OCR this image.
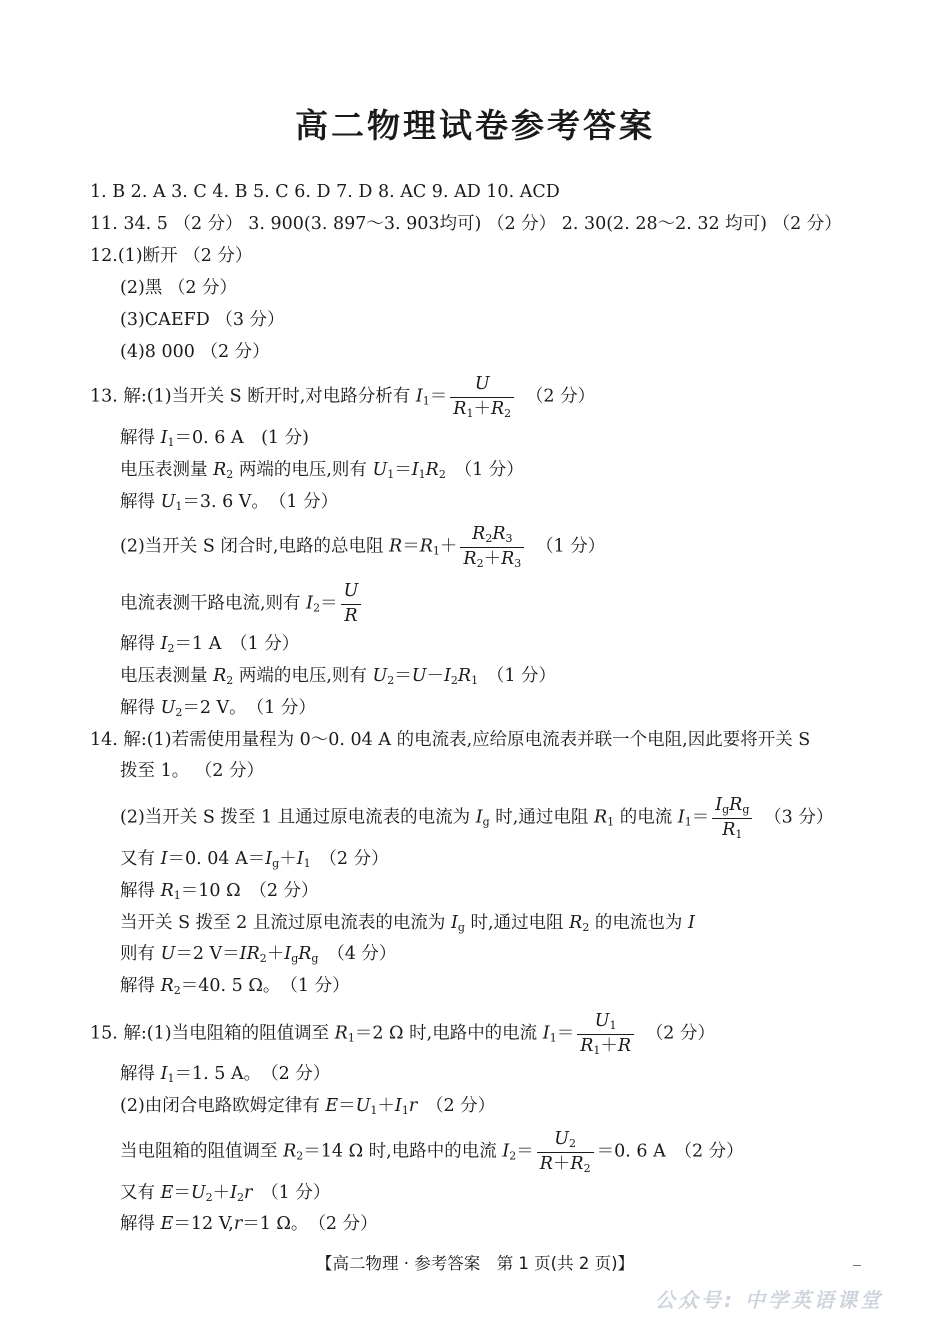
高二物理试卷参考答案
1. B 2. A 3. C 4. B 5. C 6. D 7. D 8. AC 9. AD 10. ACD
11. 34. 5 （2 分） 3. 900(3. 897～3. 903均可) （2 分） 2. 30(2. 28～2. 32 均可) （2 分）
12.(1)断开 （2 分）
(2)黑 （2 分）
(3)CAEFD （3 分）
(4)8 000 （2 分）
13. 解:(1)当开关 S 断开时,对电路分析有 $I_1= \frac{U}{R_1+R_2}$
　 （2 分）
解得 $I_1=0$. 6 A　(1 分)
电压表测量 $R_2$ 两端的电压,则有 $U_1=I_1R_2$　 （1 分）
解得 $U_1=3$. 6 V。　（1 分）
(2)当开关 S 闭合时,电路的总电阻 $R=R_1+ \frac{R_2R_3}{R_2+R_3}$
　 （1 分）
电流表测干路电流,则有 $I_2= \frac{U}{R}$
解得 $I_2=1$ A　（1 分）
电压表测量 $R_2$ 两端的电压,则有 $U_2=U-I_2R_1$　 （1 分）
解得 $U_2=2$ V。　（1 分）
14. 解:(1)若需使用量程为 0～0. 04 A 的电流表,应给原电流表并联一个电阻,因此要将开关 S
拨至 1。 （2 分）
(2)当开关 S 拨至 1 且通过原电流表的电流为 $I_g$ 时,通过电阻 $R_1$ 的电流 $I_1= \frac{I_gR_g}{R_1}$
　 （3 分）
又有 I＝0. 04 $A=I_g+I_1$　 （2 分）
解得 $R_1=10$ Ω　（2 分）
当开关 S 拨至 2 且流过原电流表的电流为 $I_g$ 时,通过电阻 $R_2$ 的电流也为 I
则有 U＝2 $V=IR_2+I_gR_g$　 （4 分）
解得 $R_2=40$. 5 Ω。　（1 分）
15. 解:(1)当电阻箱的阻值调至 $R_1=2$ Ω 时,电路中的电流 $I_1= \frac{U_1}{R_1+R}$
　 （2 分）
解得 $I_1=1$. 5 A。　（2 分）
(2)由闭合电路欧姆定律有 $E=U_1+I_1r$　 （2 分）
当电阻箱的阻值调至 $R_2=14$ Ω 时,电路中的电流 $I_2= \frac{U_2}{R+R_2} =0$. 6 A　（2 分）
又有 $E=U_2+I_2r$　 （1 分）
解得 E＝12 V,r＝1 Ω。　（2 分）
【高二物理 · 参考答案　第 1 页(共 2 页)】
公众号: 中学英语课堂
